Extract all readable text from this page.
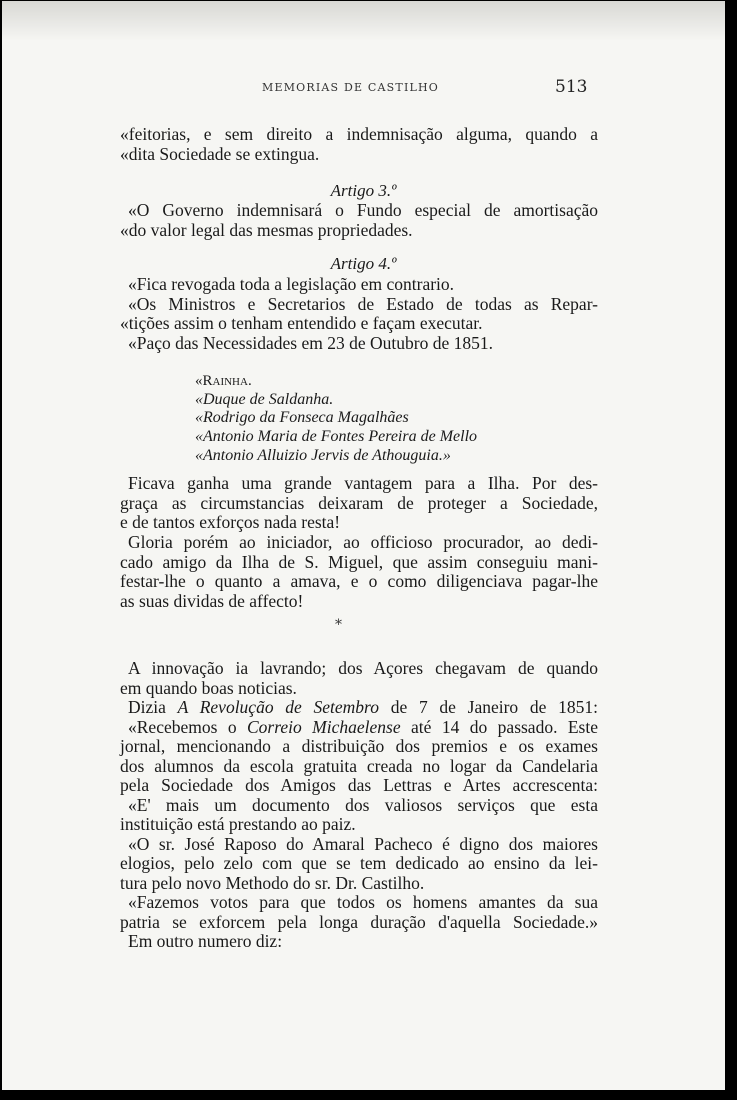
MEMORIAS DE CASTILHO	513
«feitorias, e sem direito a indemnisação alguma, quando a
«dita Sociedade se extingua.
Artigo 3.º
«O Governo indemnisará o Fundo especial de amortisação
«do valor legal das mesmas propriedades.
Artigo 4.º
«Fica revogada toda a legislação em contrario.
«Os Ministros e Secretarios de Estado de todas as Repar-
«tições assim o tenham entendido e façam executar.
«Paço das Necessidades em 23 de Outubro de 1851.
«Rainha.
«Duque de Saldanha.
«Rodrigo da Fonseca Magalhães
«Antonio Maria de Fontes Pereira de Mello
«Antonio Alluizio Jervis de Athouguia.»
Ficava ganha uma grande vantagem para a Ilha. Por des-
graça as circumstancias deixaram de proteger a Sociedade,
e de tantos exforços nada resta!
Gloria porém ao iniciador, ao officioso procurador, ao dedi-
cado amigo da Ilha de S. Miguel, que assim conseguiu mani-
festar-lhe o quanto a amava, e o como diligenciava pagar-lhe
as suas dividas de affecto!
*
A innovação ia lavrando; dos Açores chegavam de quando
em quando boas noticias.
Dizia A Revolução de Setembro de 7 de Janeiro de 1851:
«Recebemos o Correio Michaelense até 14 do passado. Este
jornal, mencionando a distribuição dos premios e os exames
dos alumnos da escola gratuita creada no logar da Candelaria
pela Sociedade dos Amigos das Lettras e Artes accrescenta:
«E' mais um documento dos valiosos serviços que esta
instituição está prestando ao paiz.
«O sr. José Raposo do Amaral Pacheco é digno dos maiores
elogios, pelo zelo com que se tem dedicado ao ensino da lei-
tura pelo novo Methodo do sr. Dr. Castilho.
«Fazemos votos para que todos os homens amantes da sua
patria se exforcem pela longa duração d'aquella Sociedade.»
Em outro numero diz:
